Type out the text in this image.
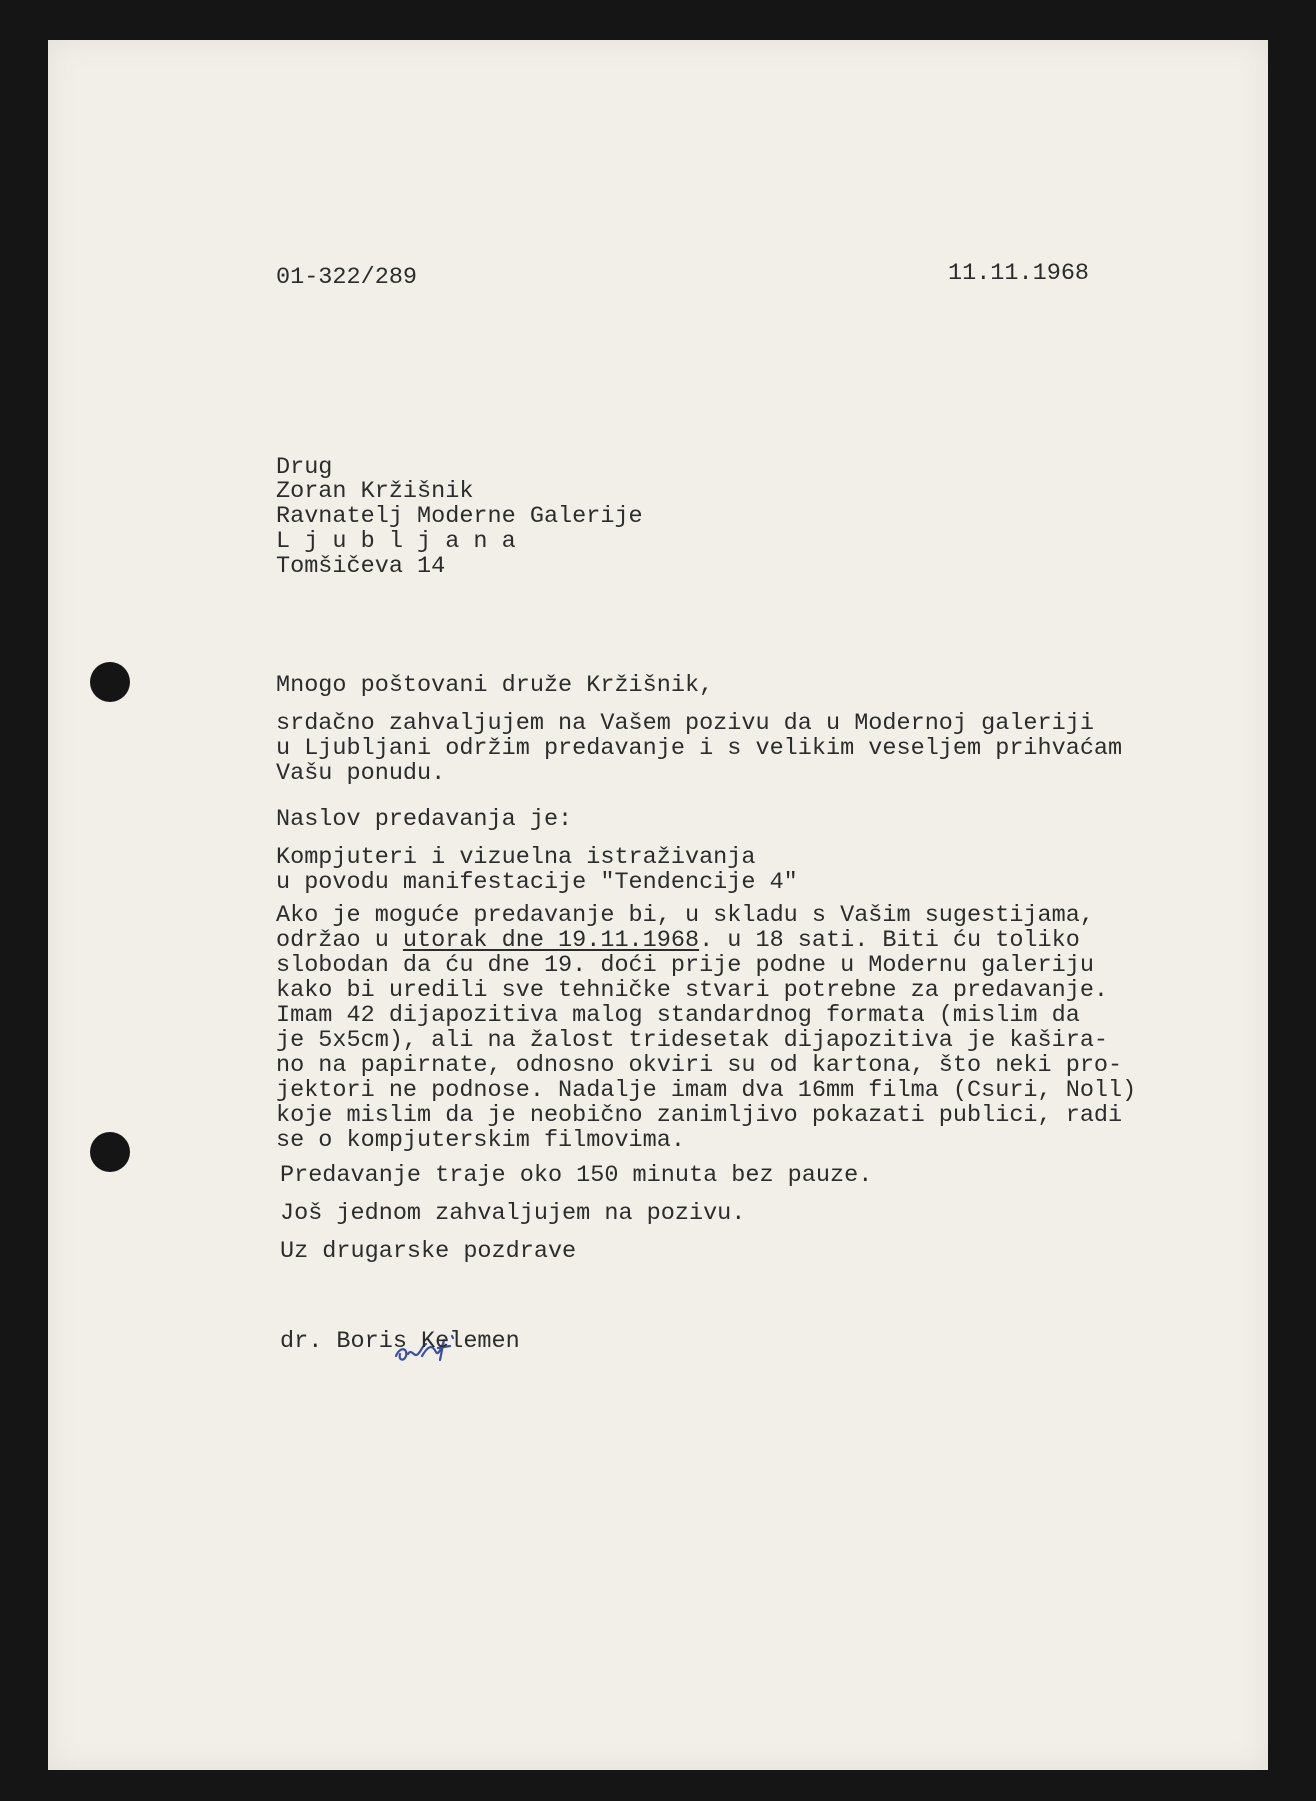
01-322/289	11.11.1968

Drug

Zoran Kržišnik

Ravnatelj Moderne Galerije

L j u b l j a n a

Tomšičeva 14

Mnogo poštovani druže Kržišnik,

srdačno zahvaljujem na Vašem pozivu da u Modernoj galeriji

u Ljubljani održim predavanje i s velikim veseljem prihvaćam

Vašu ponudu.

Naslov predavanja je:

Kompjuteri i vizuelna istraživanja

u povodu manifestacije "Tendencije 4"

Ako je moguće predavanje bi, u skladu s Vašim sugestijama,

održao u utorak dne 19.11.1968. u 18 sati. Biti ću toliko

slobodan da ću dne 19. doći prije podne u Modernu galeriju

kako bi uredili sve tehničke stvari potrebne za predavanje.

Imam 42 dijapozitiva malog standardnog formata (mislim da

je 5x5cm), ali na žalost tridesetak dijapozitiva je kašira-

no na papirnate, odnosno okviri su od kartona, što neki pro-

jektori ne podnose. Nadalje imam dva 16mm filma (Csuri, Noll)

koje mislim da je neobično zanimljivo pokazati publici, radi

se o kompjuterskim filmovima.

Predavanje traje oko 150 minuta bez pauze.
Još jednom zahvaljujem na pozivu.
Uz drugarske pozdrave
dr. Boris Kelemen
